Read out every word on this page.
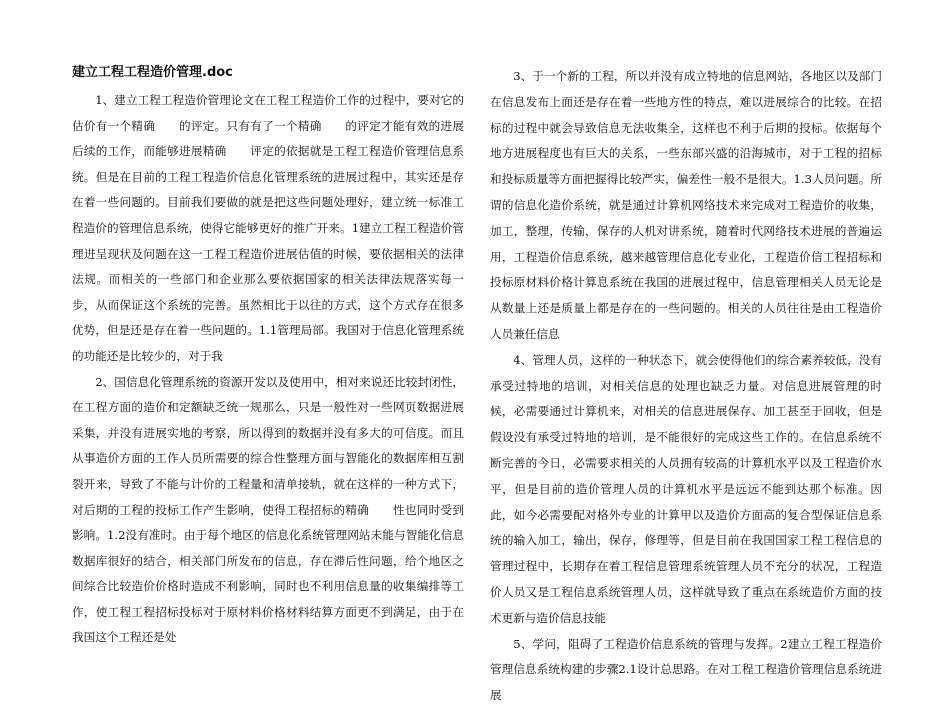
建立工程工程造价管理.doc

1、建立工程工程造价管理论文在工程工程造价工作的过程中，要对它的估价有一个精确　　的评定。只有有了一个精确　　的评定才能有效的进展后续的工作，而能够进展精确　　评定的依据就是工程工程造价管理信息系统。但是在目前的工程工程造价信息化管理系统的进展过程中，其实还是存在着一些问题的。目前我们要做的就是把这些问题处理好，建立统一标准工程造价的管理信息系统，使得它能够更好的推广开来。1建立工程工程造价管理进呈现状及问题在这一工程工程造价进展估值的时候，要依据相关的法律法规。而相关的一些部门和企业那么要依据国家的相关法律法规落实每一步，从而保证这个系统的完善。虽然相比于以往的方式，这个方式存在很多优势，但是还是存在着一些问题的。1.1管理局部。我国对于信息化管理系统的功能还是比较少的，对于我

2、国信息化管理系统的资源开发以及使用中，相对来说还比较封闭性，在工程方面的造价和定额缺乏统一规那么，只是一般性对一些网页数据进展采集，并没有进展实地的考察，所以得到的数据并没有多大的可信度。而且从事造价方面的工作人员所需要的综合性整理方面与智能化的数据库相互割裂开来，导致了不能与计价的工程量和清单接轨，就在这样的一种方式下，对后期的工程的投标工作产生影响，使得工程招标的精确　　性也同时受到影响。1.2没有准时。由于每个地区的信息化系统管理网站未能与智能化信息数据库很好的结合，相关部门所发布的信息，存在滞后性问题，给个地区之间综合比较造价价格时造成不利影响，同时也不利用信息量的收集编排等工作，使工程工程招标投标对于原材料价格材料结算方面更不到满足，由于在我国这个工程还是处

3、于一个新的工程，所以并没有成立特地的信息网站，各地区以及部门在信息发布上面还是存在着一些地方性的特点，难以进展综合的比较。在招标的过程中就会导致信息无法收集全，这样也不利于后期的投标。依据每个地方进展程度也有巨大的关系，一些东部兴盛的沿海城市，对于工程的招标和投标质量等方面把握得比较严实，偏差性一般不是很大。1.3人员问题。所谓的信息化造价系统，就是通过计算机网络技术来完成对工程造价的收集，加工，整理，传输，保存的人机对讲系统，随着时代网络技术进展的普遍运用，工程造价信息系统，越来越管理信息化专业化，工程造价信工程招标和投标原材料价格计算息系统在我国的进展过程中，信息管理相关人员无论是从数量上还是质量上都是存在的一些问题的。相关的人员往往是由工程造价人员兼任信息

4、管理人员，这样的一种状态下，就会使得他们的综合素养较低，没有承受过特地的培训，对相关信息的处理也缺乏力量。对信息进展管理的时候，必需要通过计算机来，对相关的信息进展保存、加工甚至于回收，但是假设没有承受过特地的培训，是不能很好的完成这些工作的。在信息系统不断完善的今日，必需要求相关的人员拥有较高的计算机水平以及工程造价水平，但是目前的造价管理人员的计算机水平是远远不能到达那个标准。因此，如今必需要配对格外专业的计算甲以及造价方面高的复合型保证信息系统的输入加工，输出，保存，修理等，但是目前在我国国家工程工程信息的管理过程中，长期存在着工程信息管理系统管理人员不充分的状况，工程造价人员又是工程信息系统管理人员，这样就导致了重点在系统造价方面的技术更新与造价信息技能

5、学问，阻碍了工程造价信息系统的管理与发挥。2建立工程工程造价管理信息系统构建的步骤2.1设计总思路。在对工程工程造价管理信息系统进展
